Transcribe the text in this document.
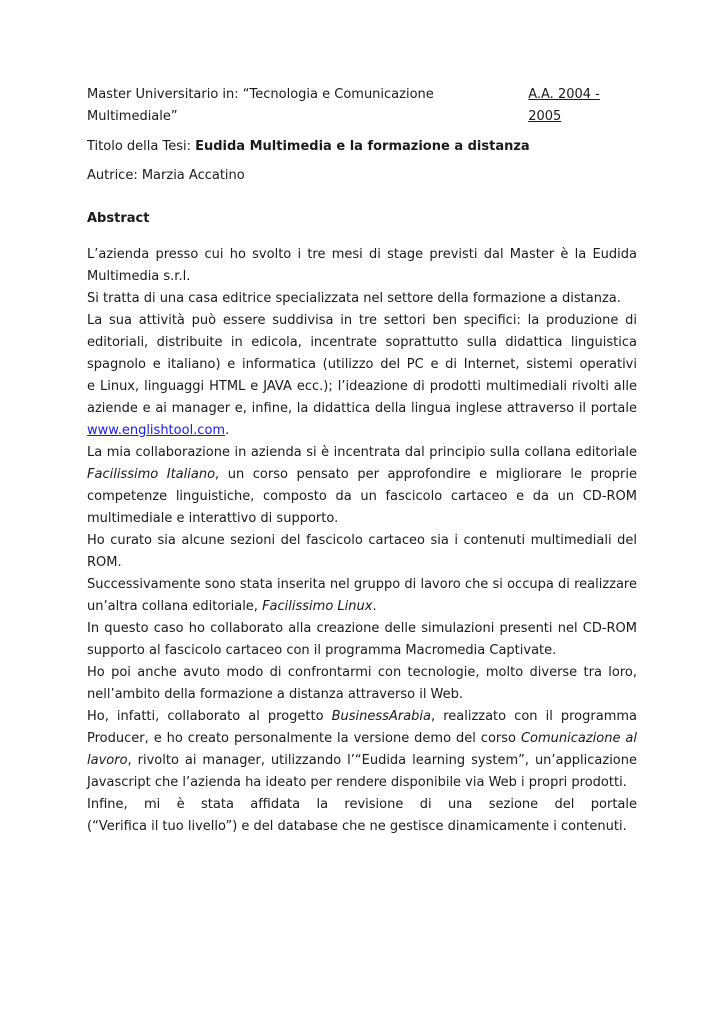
Master Universitario in: “Tecnologia e Comunicazione Multimediale”
A.A. 2004 - 2005
Titolo della Tesi: Eudida Multimedia e la formazione a distanza
Autrice: Marzia Accatino
Abstract
L’azienda presso cui ho svolto i tre mesi di stage previsti dal Master è la Eudida
Multimedia s.r.l.
Si tratta di una casa editrice specializzata nel settore della formazione a distanza.
La sua attività può essere suddivisa in tre settori ben specifici: la produzione di
editoriali, distribuite in edicola, incentrate soprattutto sulla didattica linguistica
spagnolo e italiano) e informatica (utilizzo del PC e di Internet, sistemi operativi
e Linux, linguaggi HTML e JAVA ecc.); l’ideazione di prodotti multimediali rivolti alle
aziende e ai manager e, infine, la didattica della lingua inglese attraverso il portale
www.englishtool.com.
La mia collaborazione in azienda si è incentrata dal principio sulla collana editoriale
Facilissimo Italiano, un corso pensato per approfondire e migliorare le proprie
competenze linguistiche, composto da un fascicolo cartaceo e da un CD-ROM
multimediale e interattivo di supporto.
Ho curato sia alcune sezioni del fascicolo cartaceo sia i contenuti multimediali del
ROM.
Successivamente sono stata inserita nel gruppo di lavoro che si occupa di realizzare
un’altra collana editoriale, Facilissimo Linux.
In questo caso ho collaborato alla creazione delle simulazioni presenti nel CD-ROM
supporto al fascicolo cartaceo con il programma Macromedia Captivate.
Ho poi anche avuto modo di confrontarmi con tecnologie, molto diverse tra loro,
nell’ambito della formazione a distanza attraverso il Web.
Ho, infatti, collaborato al progetto BusinessArabia, realizzato con il programma
Producer, e ho creato personalmente la versione demo del corso Comunicazione al
lavoro, rivolto ai manager, utilizzando l’“Eudida learning system”, un’applicazione
Javascript che l’azienda ha ideato per rendere disponibile via Web i propri prodotti.
Infine, mi è stata affidata la revisione di una sezione del portale
(“Verifica il tuo livello”) e del database che ne gestisce dinamicamente i contenuti.
